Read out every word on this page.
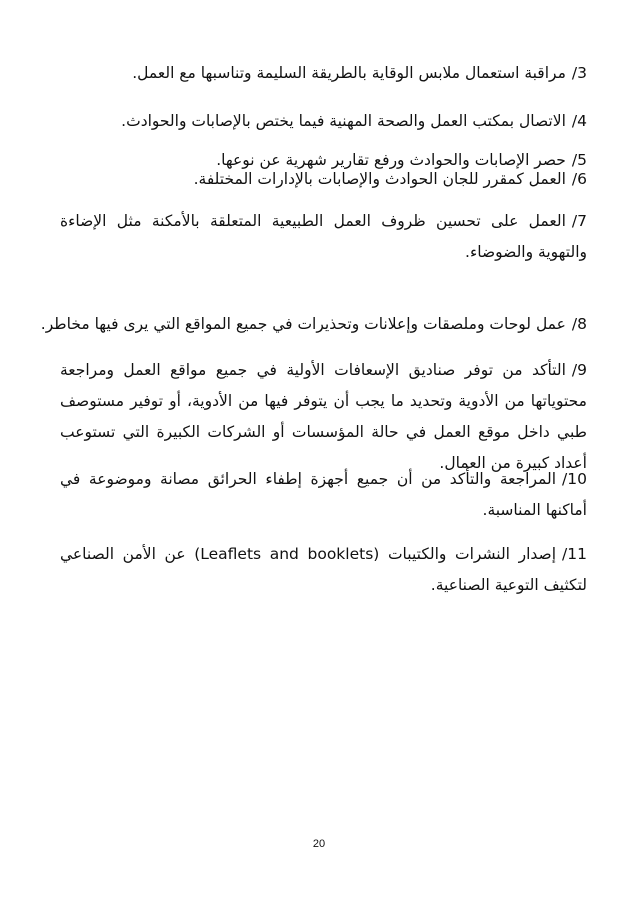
3/مراقبة استعمال ملابس الوقاية بالطريقة السليمة وتناسبها مع العمل.

4/الاتصال بمكتب العمل والصحة المهنية فيما يختص بالإصابات والحوادث.

5/حصر الإصابات والحوادث ورفع تقارير شهرية عن نوعها.

6/العمل كمقرر للجان الحوادث والإصابات بالإدارات المختلفة.

7/العمل على تحسين ظروف العمل الطبيعية المتعلقة بالأمكنة مثل الإضاءة والتهوية والضوضاء.

8/عمل لوحات وملصقات وإعلانات وتحذيرات في جميع المواقع التي يرى فيها مخاطر.

9/التأكد من توفر صناديق الإسعافات الأولية في جميع مواقع العمل ومراجعة محتوياتها من الأدوية وتحديد ما يجب أن يتوفر فيها من الأدوية، أو توفير مستوصف طبي داخل موقع العمل في حالة المؤسسات أو الشركات الكبيرة التي تستوعب أعداد كبيرة من العمال.

10/المراجعة والتأكد من أن جميع أجهزة إطفاء الحرائق مصانة وموضوعة في أماكنها المناسبة.

11/إصدار النشرات والكتيبات (Leaflets and booklets) عن الأمن الصناعي لتكثيف التوعية الصناعية.

20
